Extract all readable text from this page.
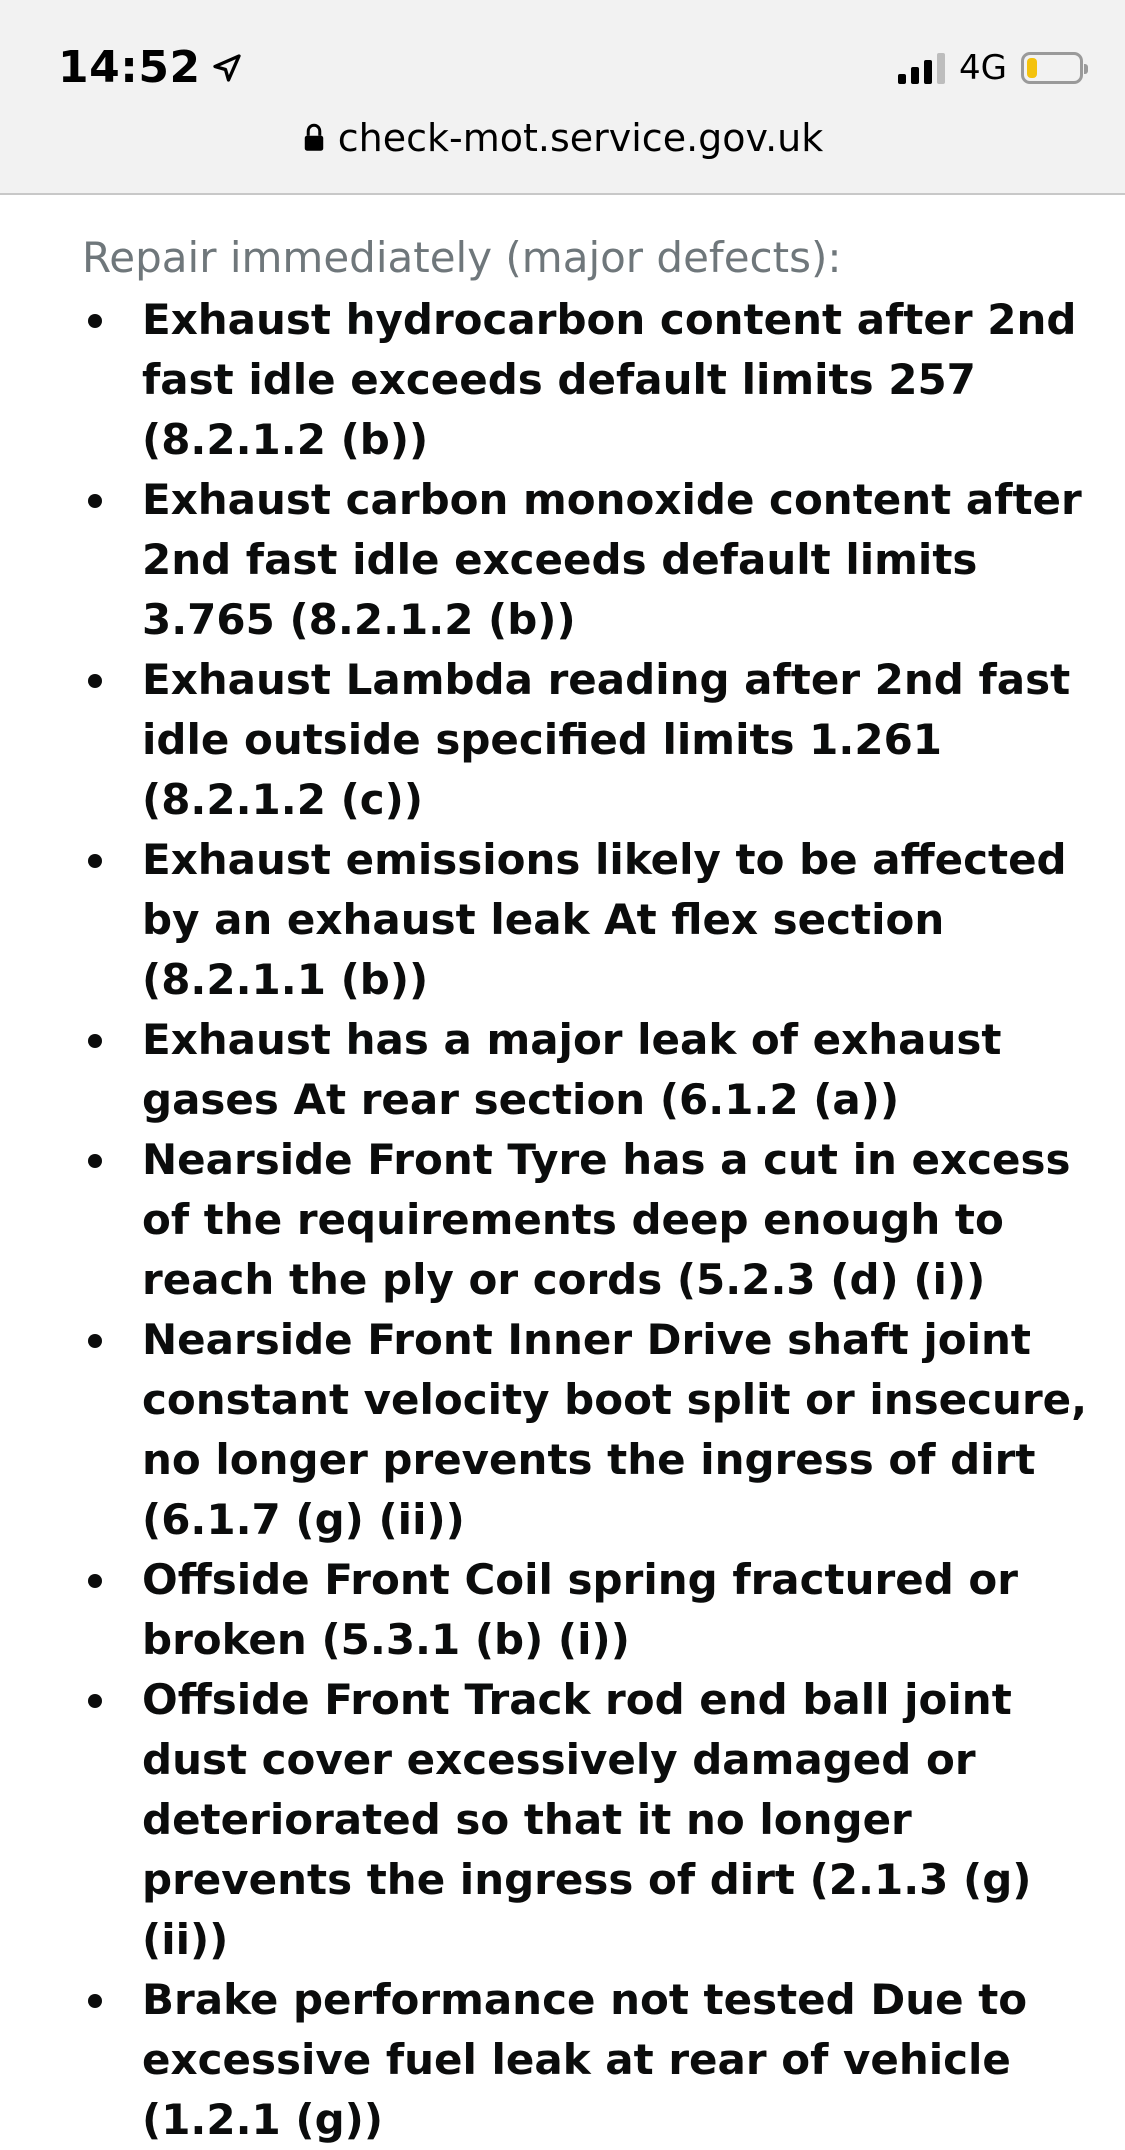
14:52	4G
check-mot.service.gov.uk

Repair immediately (major defects):

Exhaust hydrocarbon content after 2nd fast idle exceeds default limits 257 (8.2.1.2 (b))
Exhaust carbon monoxide content after 2nd fast idle exceeds default limits 3.765 (8.2.1.2 (b))
Exhaust Lambda reading after 2nd fast idle outside specified limits 1.261 (8.2.1.2 (c))
Exhaust emissions likely to be affected by an exhaust leak At flex section (8.2.1.1 (b))
Exhaust has a major leak of exhaust gases At rear section (6.1.2 (a))
Nearside Front Tyre has a cut in excess of the requirements deep enough to reach the ply or cords (5.2.3 (d) (i))
Nearside Front Inner Drive shaft joint constant velocity boot split or insecure, no longer prevents the ingress of dirt (6.1.7 (g) (ii))
Offside Front Coil spring fractured or broken (5.3.1 (b) (i))
Offside Front Track rod end ball joint dust cover excessively damaged or deteriorated so that it no longer prevents the ingress of dirt (2.1.3 (g) (ii))
Brake performance not tested Due to excessive fuel leak at rear of vehicle (1.2.1 (g))
